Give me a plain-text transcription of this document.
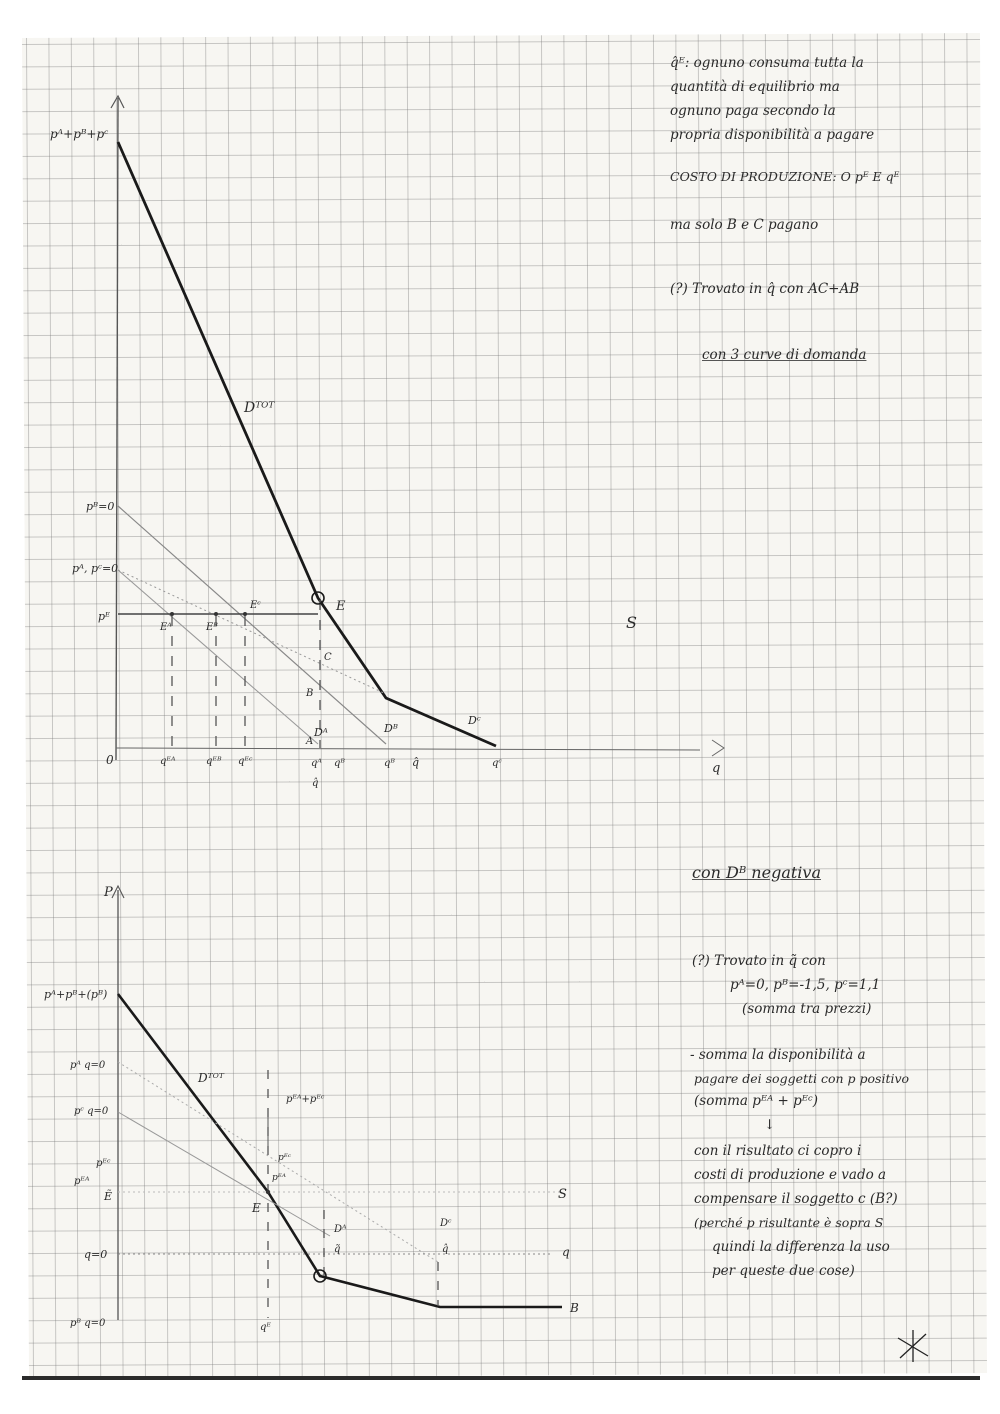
pᴬ+pᴮ+pᶜ
pᴮ=0
pᴬ, pᶜ=0
pᴱ
0	qᴱᴬ	qᴱᴮ qᴱᶜ	qᴬ qᴮ	qᴮ q̂	qᶜ
q̂
q
Dᵀᴼᵀ
Dᴬ	Dᴮ
Dᶜ
S
E
Eᴬ	Eᴮ
Eᶜ
A
B
C
P
pᴬ+pᴮ+(pᴮ)
pᴬ q=0
pᶜ q=0
pᴱᶜ
pᴱᴬ
q=0
pᴮ q=0	qᴱ
q̃	q̂	q
Dᵀᴼᵀ
Dᴬ
Dᶜ
S
B
E
pᴱᴬ+pᴱᶜ
pᴱᶜ
pᴱᴬ
Ẽ
q̂ᴱ: ognuno consuma tutta la
quantità di equilibrio ma
ognuno paga secondo la
propria disponibilità a pagare
COSTO DI PRODUZIONE: O pᴱ E qᴱ
ma solo B e C pagano
(?) Trovato in q̂ con AC+AB
con 3 curve di domanda
con Dᴮ negativa
(?) Trovato in q̃ con
pᴬ=0, pᴮ=-1,5, pᶜ=1,1
(somma tra prezzi)
- somma la disponibilità a
pagare dei soggetti con p positivo
(somma pᴱᴬ + pᴱᶜ)
↓
con il risultato ci copro i
costi di produzione e vado a
compensare il soggetto c (B?)
(perché p risultante è sopra S
quindi la differenza la uso
per queste due cose)
